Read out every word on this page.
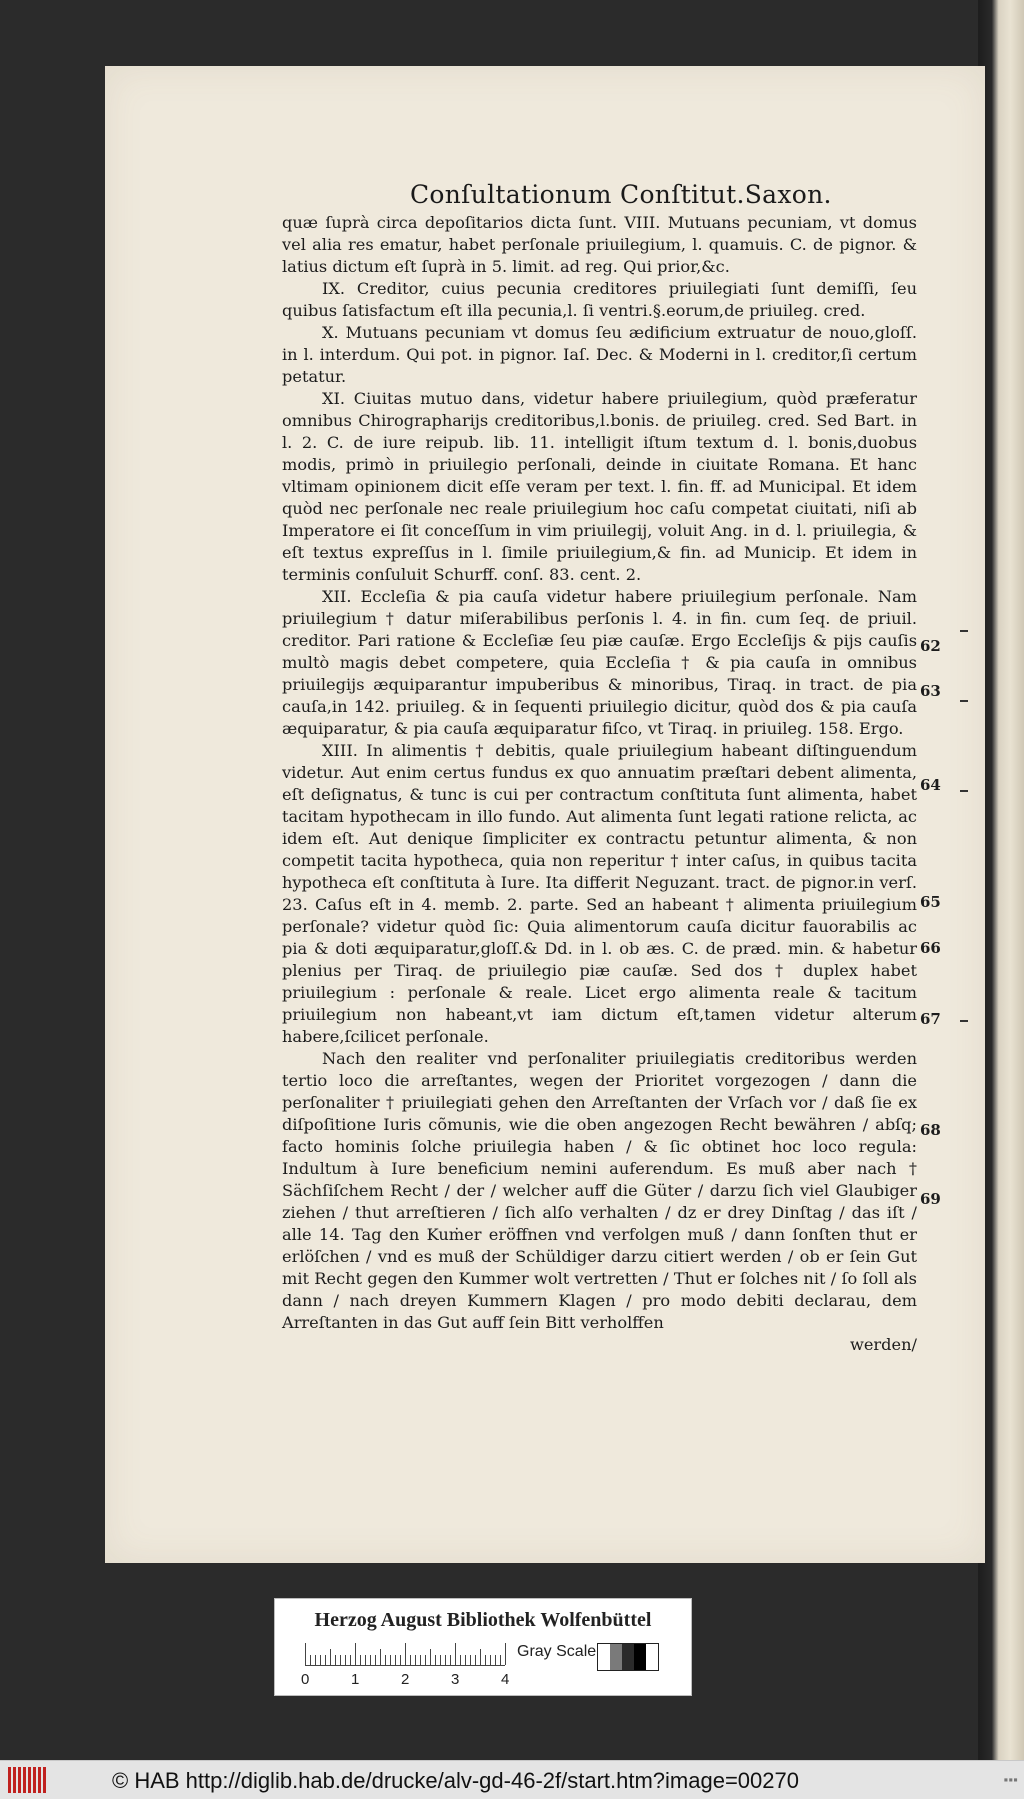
Conſultationum Conſtitut.Saxon.

quæ ſuprà circa depoſitarios dicta ſunt. VIII. Mutuans pecuniam, vt domus vel alia res ematur, habet perſonale priuilegium, l. quamuis. C. de pignor. & latius dictum eſt ſuprà in 5. limit. ad reg. Qui prior,&c.

IX. Creditor, cuius pecunia creditores priuilegiati ſunt demiſſi, ſeu quibus ſatisfactum eſt illa pecunia,l. ſi ventri.§.eorum,de priuileg. cred.

X. Mutuans pecuniam vt domus ſeu ædificium extruatur de nouo,gloſſ. in l. interdum. Qui pot. in pignor. Iaſ. Dec. & Moderni in l. creditor,ſi certum petatur.

XI. Ciuitas mutuo dans, videtur habere priuilegium, quòd præferatur omnibus Chirographarijs creditoribus,l.bonis. de priuileg. cred. Sed Bart. in l. 2. C. de iure reipub. lib. 11. intelligit iſtum textum d. l. bonis,duobus modis, primò in priuilegio perſonali, deinde in ciuitate Romana. Et hanc vltimam opinionem dicit eſſe veram per text. l. fin. ff. ad Municipal. Et idem quòd nec perſonale nec reale priuilegium hoc caſu competat ciuitati, niſi ab Imperatore ei ſit conceſſum in vim priuilegij, voluit Ang. in d. l. priuilegia, & eſt textus expreſſus in l. ſimile priuilegium,& fin. ad Municip. Et idem in terminis conſuluit Schurff. conſ. 83. cent. 2.

XII. Eccleſia & pia cauſa videtur habere priuilegium perſonale. Nam priuilegium † datur miſerabilibus perſonis l. 4. in fin. cum ſeq. de priuil. creditor. Pari ratione & Eccleſiæ ſeu piæ cauſæ. Ergo Eccleſijs & pijs cauſis multò magis debet competere, quia Eccleſia † & pia cauſa in omnibus priuilegijs æquiparantur impuberibus & minoribus, Tiraq. in tract. de pia cauſa,in 142. priuileg. & in ſequenti priuilegio dicitur, quòd dos & pia cauſa æquiparatur, & pia cauſa æquiparatur fiſco, vt Tiraq. in priuileg. 158. Ergo.

XIII. In alimentis † debitis, quale priuilegium habeant diſtinguendum videtur. Aut enim certus fundus ex quo annuatim præſtari debent alimenta, eſt deſignatus, & tunc is cui per contractum conſtituta ſunt alimenta, habet tacitam hypothecam in illo fundo. Aut alimenta ſunt legati ratione relicta, ac idem eſt. Aut denique ſimpliciter ex contractu petuntur alimenta, & non competit tacita hypotheca, quia non reperitur † inter caſus, in quibus tacita hypotheca eſt conſtituta à Iure. Ita differit Neguzant. tract. de pignor.in verſ. 23. Caſus eſt in 4. memb. 2. parte. Sed an habeant † alimenta priuilegium perſonale? videtur quòd ſic: Quia alimentorum cauſa dicitur fauorabilis ac pia & doti æquiparatur,gloſſ.& Dd. in l. ob æs. C. de præd. min. & habetur plenius per Tiraq. de priuilegio piæ cauſæ. Sed dos † duplex habet priuilegium : perſonale & reale. Licet ergo alimenta reale & tacitum priuilegium non habeant,vt iam dictum eſt,tamen videtur alterum habere,ſcilicet perſonale.

Nach den realiter vnd perſonaliter priuilegiatis creditoribus werden tertio loco die arreſtantes, wegen der Prioritet vorgezogen / dann die perſonaliter † priuilegiati gehen den Arreſtanten der Vrſach vor / daß ſie ex diſpoſitione Iuris cõmunis, wie die oben angezogen Recht bewähren / abſq; facto hominis ſolche priuilegia haben / & ſic obtinet hoc loco regula: Indultum à Iure beneficium nemini auferendum. Es muß aber nach † Sächſiſchem Recht / der / welcher auff die Güter / darzu ſich viel Glaubiger ziehen / thut arreſtieren / ſich alſo verhalten / dz er drey Dinſtag / das iſt / alle 14. Tag den Kuṁer eröffnen vnd verfolgen muß / dann ſonſten thut er erlöſchen / vnd es muß der Schüldiger darzu citiert werden / ob er ſein Gut mit Recht gegen den Kummer wolt vertretten / Thut er ſolches nit / ſo ſoll als dann / nach dreyen Kummern Klagen / pro modo debiti declarau, dem Arreſtanten in das Gut auff ſein Bitt verholffen

werden/

62
63
64
65
66
67
68
69
Herzog August Bibliothek Wolfenbüttel
0	1	2	3	4
Gray Scale
© HAB http://diglib.hab.de/drucke/alv-gd-46-2f/start.htm?image=00270	▪▪▪
